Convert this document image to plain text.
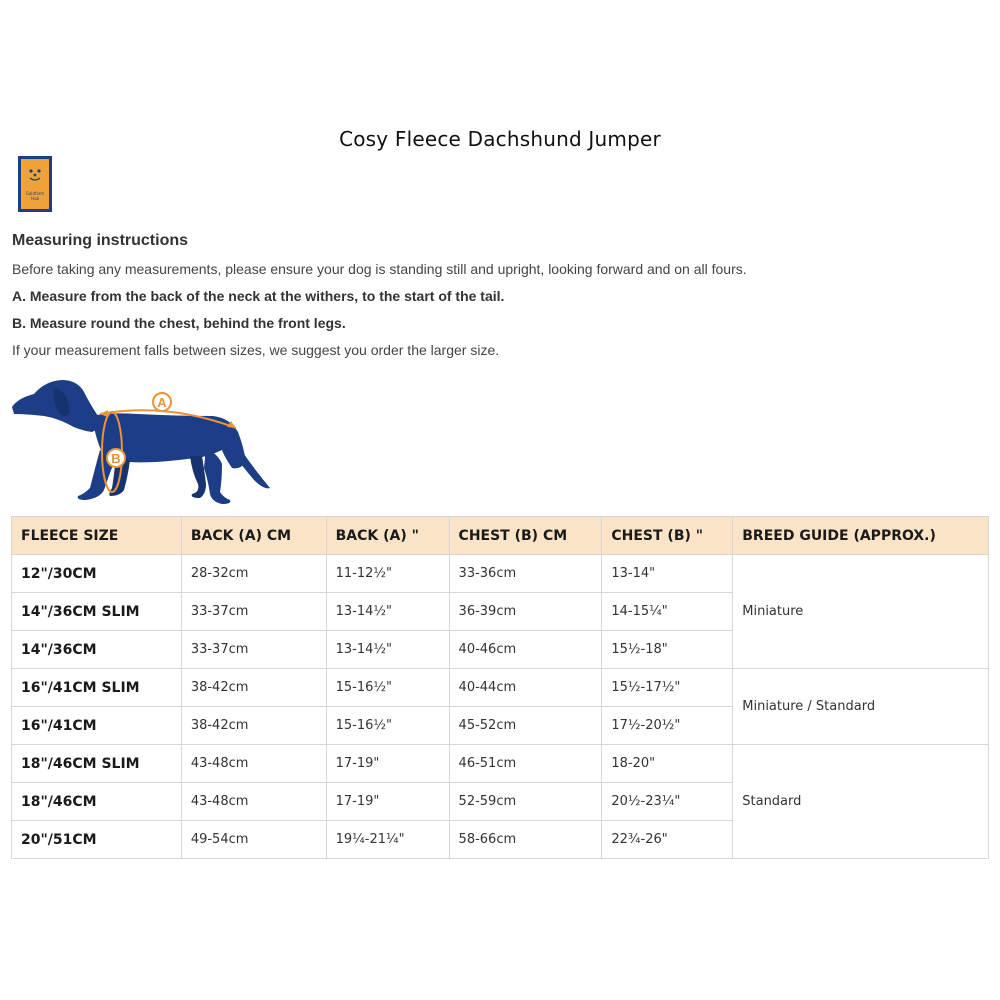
Cosy Fleece Dachshund Jumper
Goldfarm
Hub
Measuring instructions

Before taking any measurements, please ensure your dog is standing still and upright, looking forward and on all fours.

A. Measure from the back of the neck at the withers, to the start of the tail.

B. Measure round the chest, behind the front legs.

If your measurement falls between sizes, we suggest you order the larger size.

A
B
FLEECE SIZE	BACK (A) CM	BACK (A) "	CHEST (B) CM	CHEST (B) "	BREED GUIDE (APPROX.)
12"/30CM	28-32cm	11-12½"	33-36cm	13-14"	Miniature
14"/36CM SLIM	33-37cm	13-14½"	36-39cm	14-15¼"	
14"/36CM	33-37cm	13-14½"	40-46cm	15½-18"	
16"/41CM SLIM	38-42cm	15-16½"	40-44cm	15½-17½"	Miniature / Standard
16"/41CM	38-42cm	15-16½"	45-52cm	17½-20½"	
18"/46CM SLIM	43-48cm	17-19"	46-51cm	18-20"	Standard
18"/46CM	43-48cm	17-19"	52-59cm	20½-23¼"	
20"/51CM	49-54cm	19¼-21¼"	58-66cm	22¾-26"	
